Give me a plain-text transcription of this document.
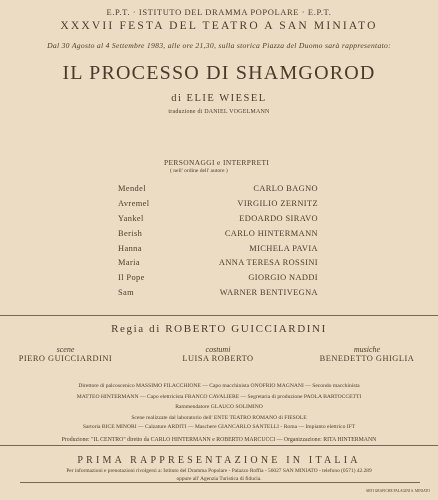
E.P.T. · ISTITUTO DEL DRAMMA POPOLARE · E.P.T.
XXXVII FESTA DEL TEATRO A SAN MINIATO
Dal 30 Agosto al 4 Settembre 1983, alle ore 21,30, sulla storica Piazza del Duomo sarà rappresentato:
IL PROCESSO DI SHAMGOROD
di ELIE WIESEL
traduzione di DANIEL VOGELMANN
PERSONAGGI e INTERPRETI
( nell' ordine dell' autore )
Mendel	CARLO BAGNO
Avremel	VIRGILIO ZERNITZ
Yankel	EDOARDO SIRAVO
Berish	CARLO HINTERMANN
Hanna	MICHELA PAVIA
Maria	ANNA TERESA ROSSINI
Il Pope	GIORGIO NADDI
Sam	WARNER BENTIVEGNA
Regia di ROBERTO GUICCIARDINI
scene
PIERO GUICCIARDINI
costumi
LUISA ROBERTO
musiche
BENEDETTO GHIGLIA
Direttore di palcoscenico MASSIMO FILACCHIONE — Capo macchinista ONOFRIO MAGNANI — Secondo macchinista
MATTEO HINTERMANN — Capo elettricista FRANCO CAVALIERE — Segretaria di produzione PAOLA BARTOCCETTI
Rammendatore GLAUCO SOLIMINO
Scene realizzate dal laboratorio dell' ENTE TEATRO ROMANO di FIESOLE
Sartoria BICE MINORI — Calzature ARDITI — Maschere GIANCARLO SANTELLI - Roma — Impianto elettrico IFT
Produzione: "IL CENTRO" diretto da CARLO HINTERMANN e ROBERTO MARCUCCI — Organizzazione: RITA HINTERMANN
PRIMA RAPPRESENTAZIONE IN ITALIA
Per informazioni e prenotazioni rivolgersi a: Istituto del Dramma Popolare - Palazzo Roffia - 56027 SAN MINIATO - telefono (0571) 42.289
oppure all' Agenzia Turistica di fiducia.
ARTI GRAFICHE PALAGINI S. MINIATO
